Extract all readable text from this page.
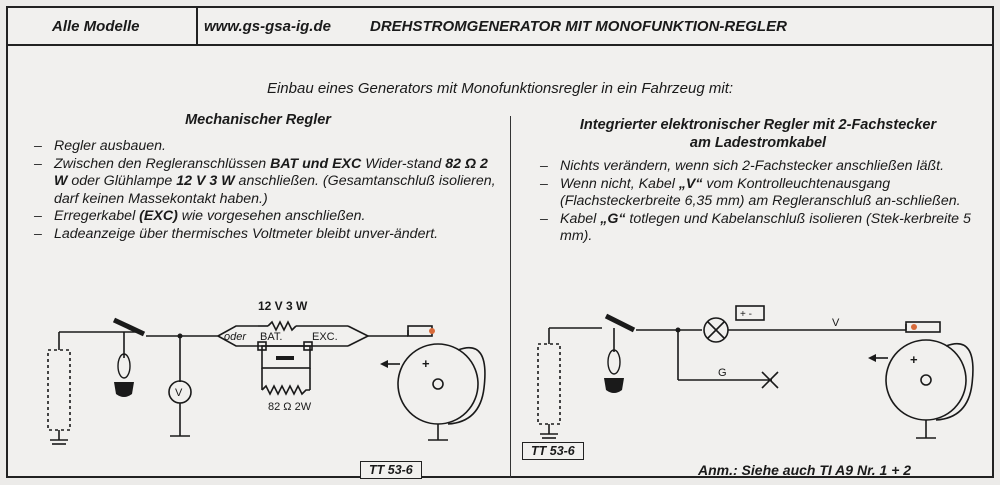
Alle Modelle	www.gs-gsa-ig.de	DREHSTROMGENERATOR MIT MONOFUNKTION-REGLER
Einbau eines Generators mit Monofunktionsregler in ein Fahrzeug mit:
Mechanischer Regler
– Regler ausbauen.
– Zwischen den Regleranschlüssen BAT und EXC Wider-stand 82 Ω 2 W oder Glühlampe 12 V 3 W anschließen. (Gesamtanschluß isolieren, darf keinen Massekontakt haben.)
– Erregerkabel (EXC) wie vorgesehen anschließen.
– Ladeanzeige über thermisches Voltmeter bleibt unver-ändert.
12 V 3 W
oder BAT.	EXC.
82 Ω 2W
V
+
TT 53-6
Integrierter elektronischer Regler mit 2-Fachstecker
am Ladestromkabel
– Nichts verändern, wenn sich 2-Fachstecker anschließen läßt.
– Wenn nicht, Kabel „V“ vom Kontrolleuchtenausgang (Flachsteckerbreite 6,35 mm) am Regleranschluß an-schließen.
– Kabel „G“ totlegen und Kabelanschluß isolieren (Stek-kerbreite 5 mm).
+ -
V
G
+
TT 53-6
Anm.: Siehe auch TI A9 Nr. 1 + 2
